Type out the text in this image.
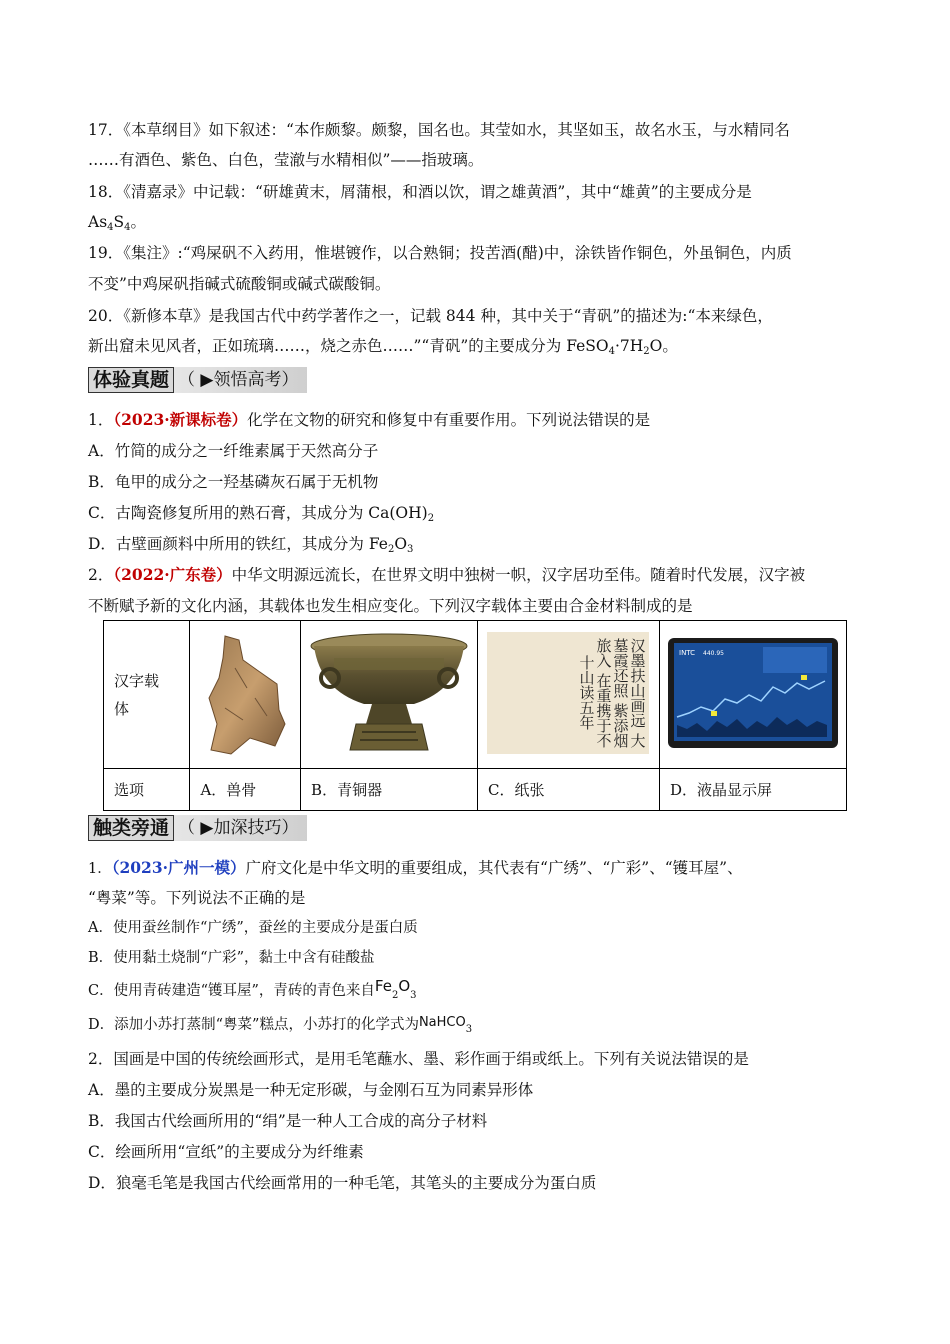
17．《本草纲目》如下叙述：“本作颇黎。颇黎，国名也。其莹如水，其坚如玉，故名水玉，与水精同名
……有酒色、紫色、白色，莹澈与水精相似”——指玻璃。
18．《清嘉录》中记载：“研雄黄末，屑蒲根，和酒以饮，谓之雄黄酒”，其中“雄黄”的主要成分是
$As_4S_4$。
19．《集注》:“鸡屎矾不入药用，惟堪镀作，以合熟铜；投苦酒(醋)中，涂铁皆作铜色，外虽铜色，内质
不变”中鸡屎矾指碱式硫酸铜或碱式碳酸铜。
20．《新修本草》是我国古代中药学著作之一，记载 844 种，其中关于“青矾”的描述为:“本来绿色，
新出窟未见风者，正如琉璃……，烧之赤色……”“青矾”的主要成分为 $FeSO_4\cdot 7H_2O$。
体验真题 （ ▶领悟高考）
1．（2023·新课标卷）化学在文物的研究和修复中有重要作用。下列说法错误的是
A．竹简的成分之一纤维素属于天然高分子
B．龟甲的成分之一羟基磷灰石属于无机物
C．古陶瓷修复所用的熟石膏，其成分为 $Ca(OH)_2$
D．古壁画颜料中所用的铁红，其成分为 $Fe_2O_3$
2．（2022·广东卷）中华文明源远流长，在世界文明中独树一帜，汉字居功至伟。随着时代发展，汉字被
不断赋予新的文化内涵，其载体也发生相应变化。下列汉字载体主要由合金材料制成的是
汉字载
体			汉墨扶山画远 大墓霞还照 紫添烟旅入 在重携于不 十山读五年	INTC 440.95

选项	A．兽骨	B．青铜器	C．纸张	D．液晶显示屏
触类旁通 （ ▶加深技巧）
1．（2023·广州一模）广府文化是中华文明的重要组成，其代表有“广绣”、“广彩”、“镬耳屋”、
“粤菜”等。下列说法不正确的是
A．使用蚕丝制作“广绣”，蚕丝的主要成分是蛋白质
B．使用黏土烧制“广彩”，黏土中含有硅酸盐
C．使用青砖建造“镬耳屋”，青砖的青色来自$Fe_2O_3$
D．添加小苏打蒸制“粤菜”糕点，小苏打的化学式为NaHCO$_3$
2．国画是中国的传统绘画形式，是用毛笔蘸水、墨、彩作画于绢或纸上。下列有关说法错误的是
A．墨的主要成分炭黑是一种无定形碳，与金刚石互为同素异形体
B．我国古代绘画所用的“绢”是一种人工合成的高分子材料
C．绘画所用“宣纸”的主要成分为纤维素
D．狼毫毛笔是我国古代绘画常用的一种毛笔，其笔头的主要成分为蛋白质
